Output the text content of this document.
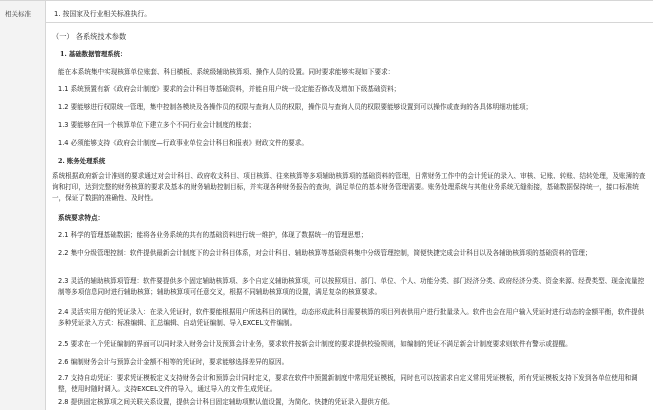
相关标准	1. 按国家及行业相关标准执行。
（一） 各系统技术参数
1. 基础数据管理系统：
能在本系统集中实现核算单位账套、科目横板、系统级辅助核算项、操作人员的设置。同时要求能够实现如下要求：
1.1 系统预置有新《政府会计制度》要求的会计科目等基础资料，并能自用户统一设定能否修改及增加下级基础资料；
1.2 要能够进行权限统一管理，集中控制各模块及各操作员的权限与查询人员的权限，操作员与查询人员的权限要能够设置到可以操作或查询的各具体明细功能项；
1.3 要能够在同一个核算单位下建立多个不同行业会计制度的账套；
1.4 必须能够支持《政府会计制度—行政事业单位会计科目和报表》财政文件的要求。
2. 账务处理系统
系统根据政府新会计准则的要求通过对会计科目、政府收支科目、项目核算、往来核算等多项辅助核算项的基础资料的管理，日常财务工作中的会计凭证的录入、审核、记账、转账、结转处理，及账簿的查询和打印，达到完整的财务核算的要求及基本的财务辅助控制目标，并实现各种财务报告的查询，满足单位的基本财务管理需要。账务处理系统与其他业务系统无缝衔接，基础数据保持统一，接口标准统一，保证了数据的准确性、及时性。
系统要求特点：
2.1 科学的管理基础数据；能将各业务系统的共有的基础资料进行统一维护，体现了数据统一的管理思想；
2.2 集中分级管理控制：软件提供最新会计制度下的会计科目体系，对会计科目、辅助核算等基础资料集中分级管理控制，简便快捷完成会计科目以及各辅助核算项的基础资料的管理；
2.3 灵活的辅助核算项管理：软件要提供多个固定辅助核算项、多个自定义辅助核算项，可以按照项目、部门、单位、个人、功能分类、部门经济分类、政府经济分类、资金来源、经费类型、现金流量控制等多项信息同时进行辅助核算；辅助核算项可任意交叉，根据不同辅助核算项的设置，满足复杂的核算要求。
2.4 灵活实用方便的凭证录入：在录入凭证时，软件要能根据用户所选科目的属性，动态形成此科目需要核算的项目列表供用户进行批量录入。软件也会在用户输入凭证时进行动态的金额平衡，软件提供多种凭证录入方式：标准编辑、汇总编辑、自动凭证编制、导入EXCEL文件编制。
2.5 要求在一个凭证编制的界面可以同时录入财务会计及预算会计业务，要求软件按新会计制度的要求提供校验规则，如编制的凭证不满足新会计制度要求则软件有警示或提醒。
2.6 编制财务会计与预算会计金额不相等的凭证时，要求能够选择差异的原因。
2.7 支持自动凭证：要求凭证模板定义支持财务会计和预算会计同时定义，要求在软件中预置新制度中常用凭证模板，同时也可以按需求自定义常用凭证模板，所有凭证模板支持下发到各单位使用和调整，使用时随时调入。支持EXCEL文件的导入，通过导入的文件生成凭证。
2.8 提供固定核算项之间关联关系设置，提供会计科目固定辅助项默认值设置，为简化、快捷的凭证录入提供方便。
